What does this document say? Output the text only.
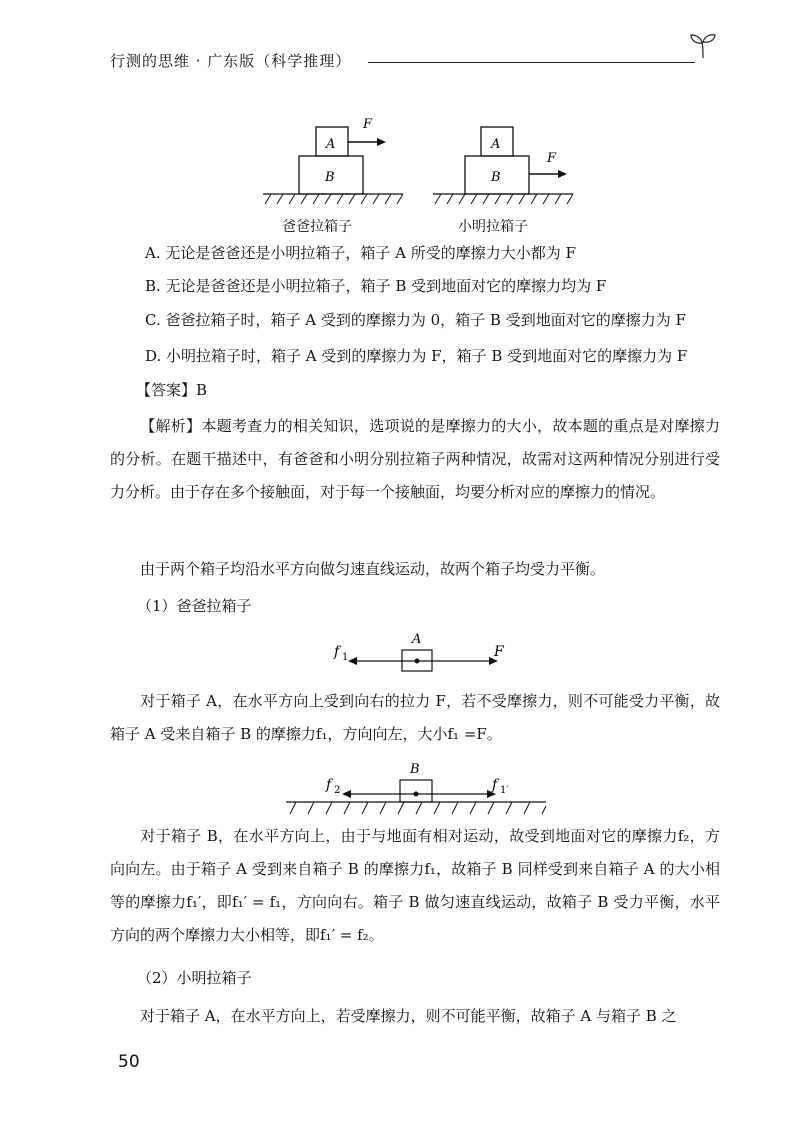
行测的思维 · 广东版（科学推理）
A
B
F
A
B
F
爸爸拉箱子	小明拉箱子
A. 无论是爸爸还是小明拉箱子，箱子 A 所受的摩擦力大小都为 F
B. 无论是爸爸还是小明拉箱子，箱子 B 受到地面对它的摩擦力均为 F
C. 爸爸拉箱子时，箱子 A 受到的摩擦力为 0，箱子 B 受到地面对它的摩擦力为 F
D. 小明拉箱子时，箱子 A 受到的摩擦力为 F，箱子 B 受到地面对它的摩擦力为 F
【答案】B
【解析】本题考查力的相关知识，选项说的是摩擦力的大小，故本题的重点是对摩擦力的分析。在题干描述中，有爸爸和小明分别拉箱子两种情况，故需对这两种情况分别进行受力分析。由于存在多个接触面，对于每一个接触面，均要分析对应的摩擦力的情况。
由于两个箱子均沿水平方向做匀速直线运动，故两个箱子均受力平衡。
（1）爸爸拉箱子
A
f 1	F
对于箱子 A，在水平方向上受到向右的拉力 F，若不受摩擦力，则不可能受力平衡，故箱子 A 受来自箱子 B 的摩擦力f₁，方向向左，大小f₁ =F。
B
f 2	f 1′
对于箱子 B，在水平方向上，由于与地面有相对运动，故受到地面对它的摩擦力f₂，方向向左。由于箱子 A 受到来自箱子 B 的摩擦力f₁，故箱子 B 同样受到来自箱子 A 的大小相等的摩擦力f₁′，即f₁′ = f₁，方向向右。箱子 B 做匀速直线运动，故箱子 B 受力平衡，水平方向的两个摩擦力大小相等，即f₁′ = f₂。
（2）小明拉箱子
对于箱子 A，在水平方向上，若受摩擦力，则不可能平衡，故箱子 A 与箱子 B 之
50
